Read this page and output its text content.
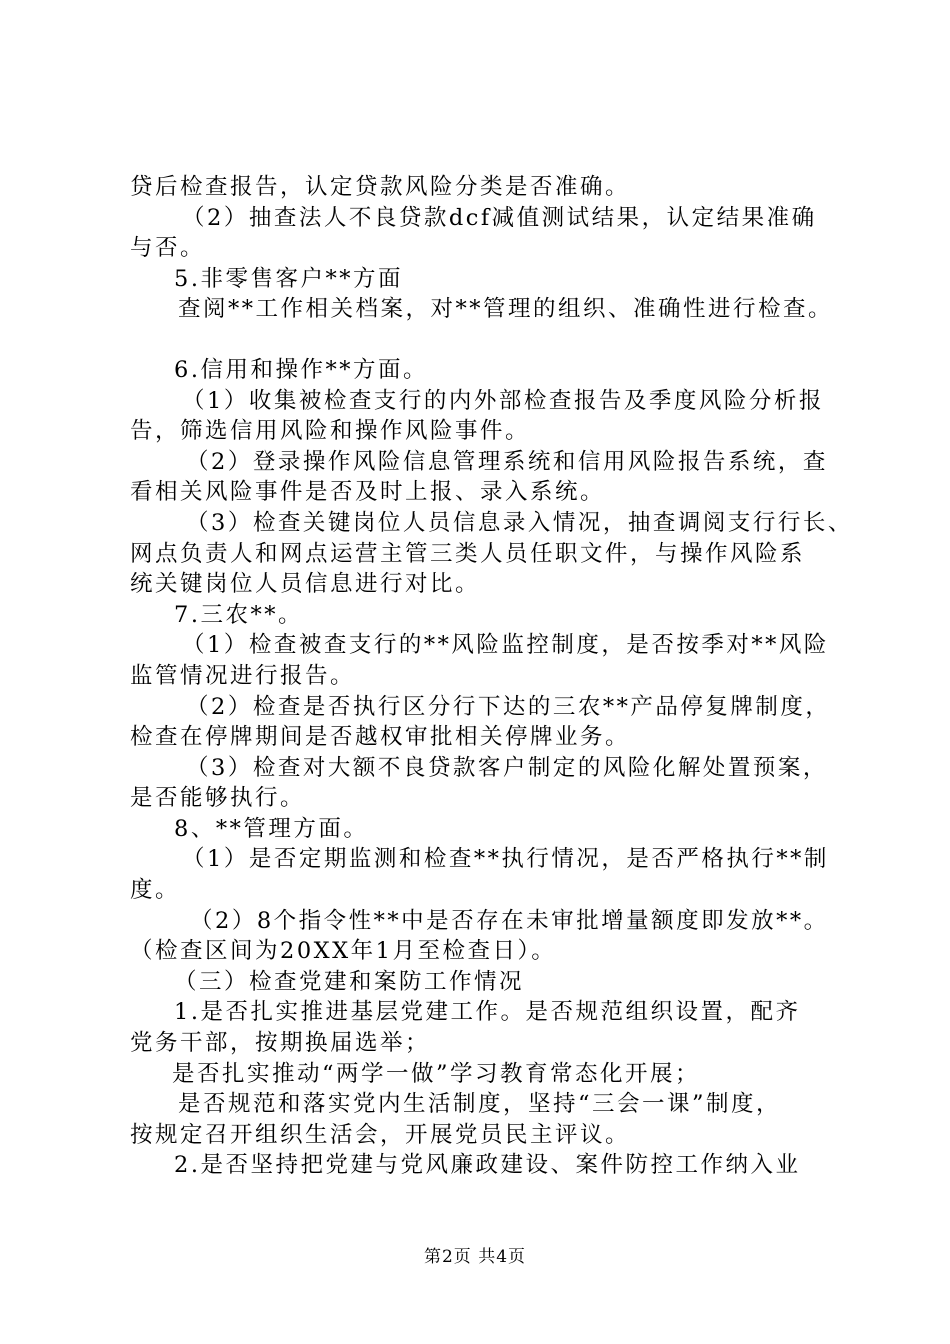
贷后检查报告，认定贷款风险分类是否准确。

（2）抽查法人不良贷款dcf减值测试结果，认定结果准确

与否。

5.非零售客户**方面

查阅**工作相关档案，对**管理的组织、准确性进行检查。

6.信用和操作**方面。

（1）收集被检查支行的内外部检查报告及季度风险分析报

告，筛选信用风险和操作风险事件。

（2）登录操作风险信息管理系统和信用风险报告系统，查

看相关风险事件是否及时上报、录入系统。

（3）检查关键岗位人员信息录入情况，抽查调阅支行行长、

网点负责人和网点运营主管三类人员任职文件，与操作风险系

统关键岗位人员信息进行对比。

7.三农**。

（1）检查被查支行的**风险监控制度，是否按季对**风险

监管情况进行报告。

（2）检查是否执行区分行下达的三农**产品停复牌制度，

检查在停牌期间是否越权审批相关停牌业务。

（3）检查对大额不良贷款客户制定的风险化解处置预案，

是否能够执行。

8、**管理方面。

（1）是否定期监测和检查**执行情况，是否严格执行**制

度。

（2）8个指令性**中是否存在未审批增量额度即发放**。

（检查区间为20XX年1月至检查日）。

（三）检查党建和案防工作情况

1.是否扎实推进基层党建工作。是否规范组织设置，配齐

党务干部，按期换届选举；

是否扎实推动“两学一做”学习教育常态化开展；

是否规范和落实党内生活制度，坚持“三会一课”制度，

按规定召开组织生活会，开展党员民主评议。

2.是否坚持把党建与党风廉政建设、案件防控工作纳入业

第2页 共4页
